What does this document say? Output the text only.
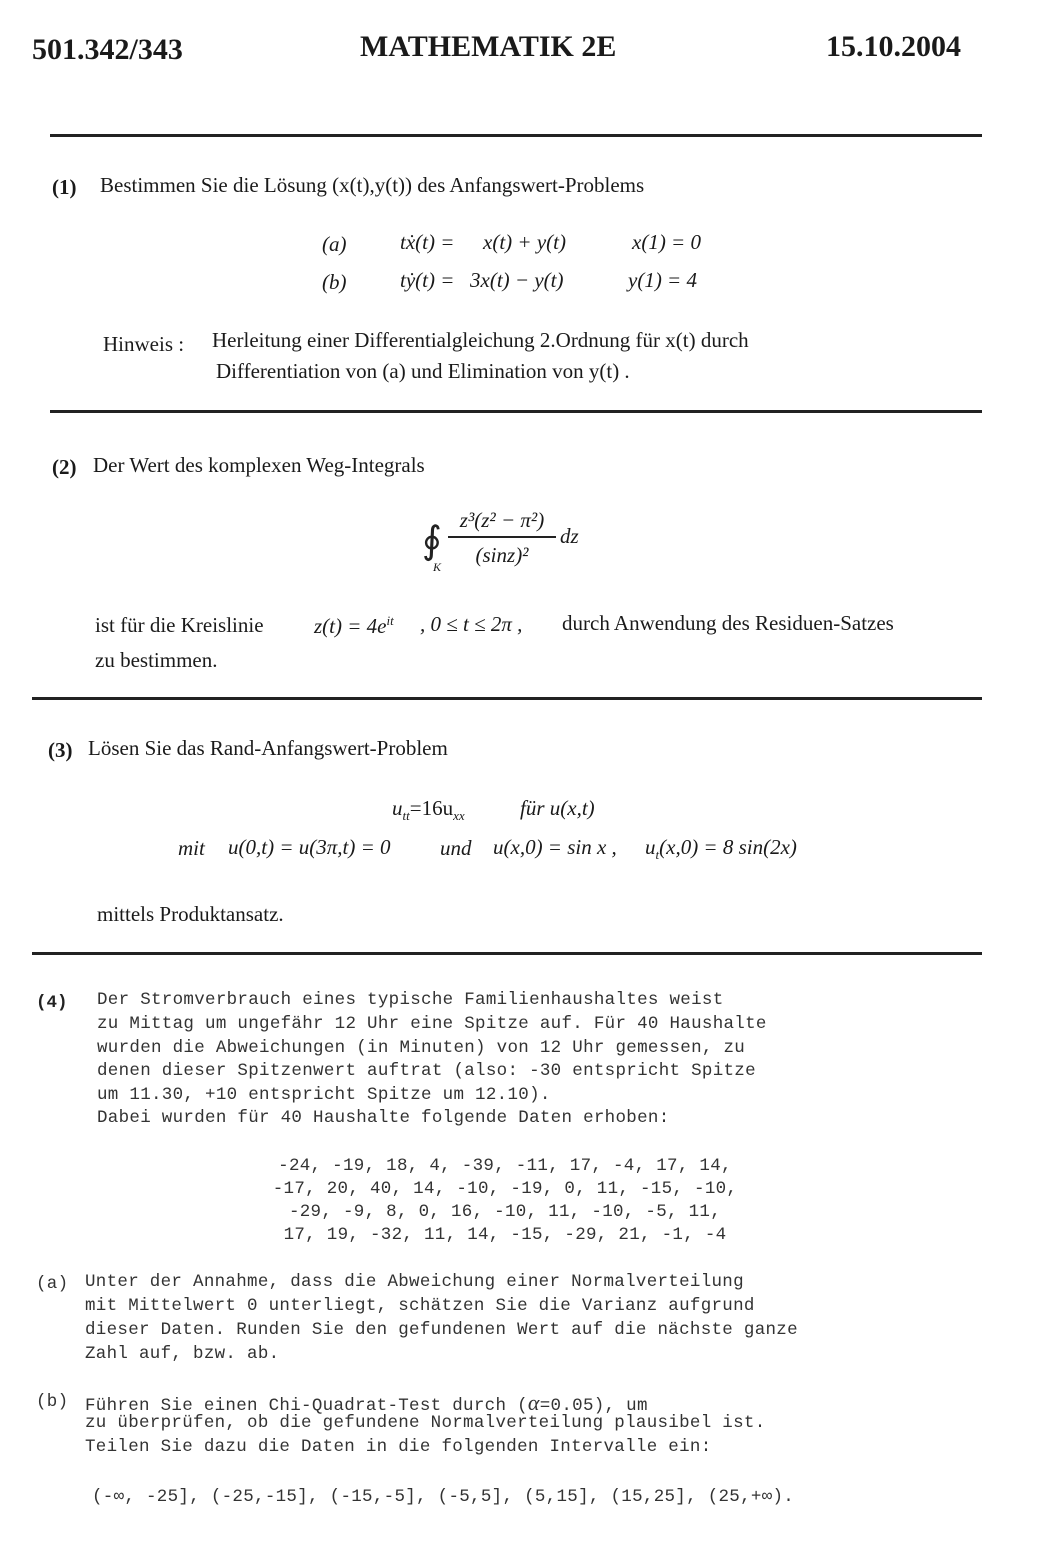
501.342/343	MATHEMATIK 2E	15.10.2004
(1) Bestimmen Sie die Lösung (x(t),y(t)) des Anfangswert-Problems
(a)	tẋ(t) = x(t) + y(t)	x(1) = 0
(b)	tẏ(t) = 3x(t) − y(t)	y(1) = 4
Hinweis : Herleitung einer Differentialgleichung 2.Ordnung für x(t) durch
Differentiation von (a) und Elimination von y(t) .
(2) Der Wert des komplexen Weg-Integrals
∮
K
z³(z² − π²)
(sinz)²
dz
ist für die Kreislinie $z(t) = 4e^{it}$ , 0 ≤ t ≤ 2π , durch Anwendung des Residuen-Satzes
zu bestimmen.
(3) Lösen Sie das Rand-Anfangswert-Problem
$u_{tt}=16u_{xx}$	für u(x,t)
mit u(0,t) = u(3π,t) = 0 und u(x,0) = sin x , $u_t(x,0) = 8$ sin(2x)
mittels Produktansatz.
(4) Der Stromverbrauch eines typische Familienhaushaltes weist
zu Mittag um ungefähr 12 Uhr eine Spitze auf. Für 40 Haushalte
wurden die Abweichungen (in Minuten) von 12 Uhr gemessen, zu
denen dieser Spitzenwert auftrat (also: -30 entspricht Spitze
um 11.30, +10 entspricht Spitze um 12.10).
Dabei wurden für 40 Haushalte folgende Daten erhoben:
-24, -19, 18, 4, -39, -11, 17, -4, 17, 14,
-17, 20, 40, 14, -10, -19, 0, 11, -15, -10,
-29, -9, 8, 0, 16, -10, 11, -10, -5, 11,
17, 19, -32, 11, 14, -15, -29, 21, -1, -4
(a) Unter der Annahme, dass die Abweichung einer Normalverteilung
mit Mittelwert 0 unterliegt, schätzen Sie die Varianz aufgrund
dieser Daten. Runden Sie den gefundenen Wert auf die nächste ganze
Zahl auf, bzw. ab.
(b) Führen Sie einen Chi-Quadrat-Test durch (α=0.05), um
zu überprüfen, ob die gefundene Normalverteilung plausibel ist.
Teilen Sie dazu die Daten in die folgenden Intervalle ein:
(-∞, -25], (-25,-15], (-15,-5], (-5,5], (5,15], (15,25], (25,+∞).
